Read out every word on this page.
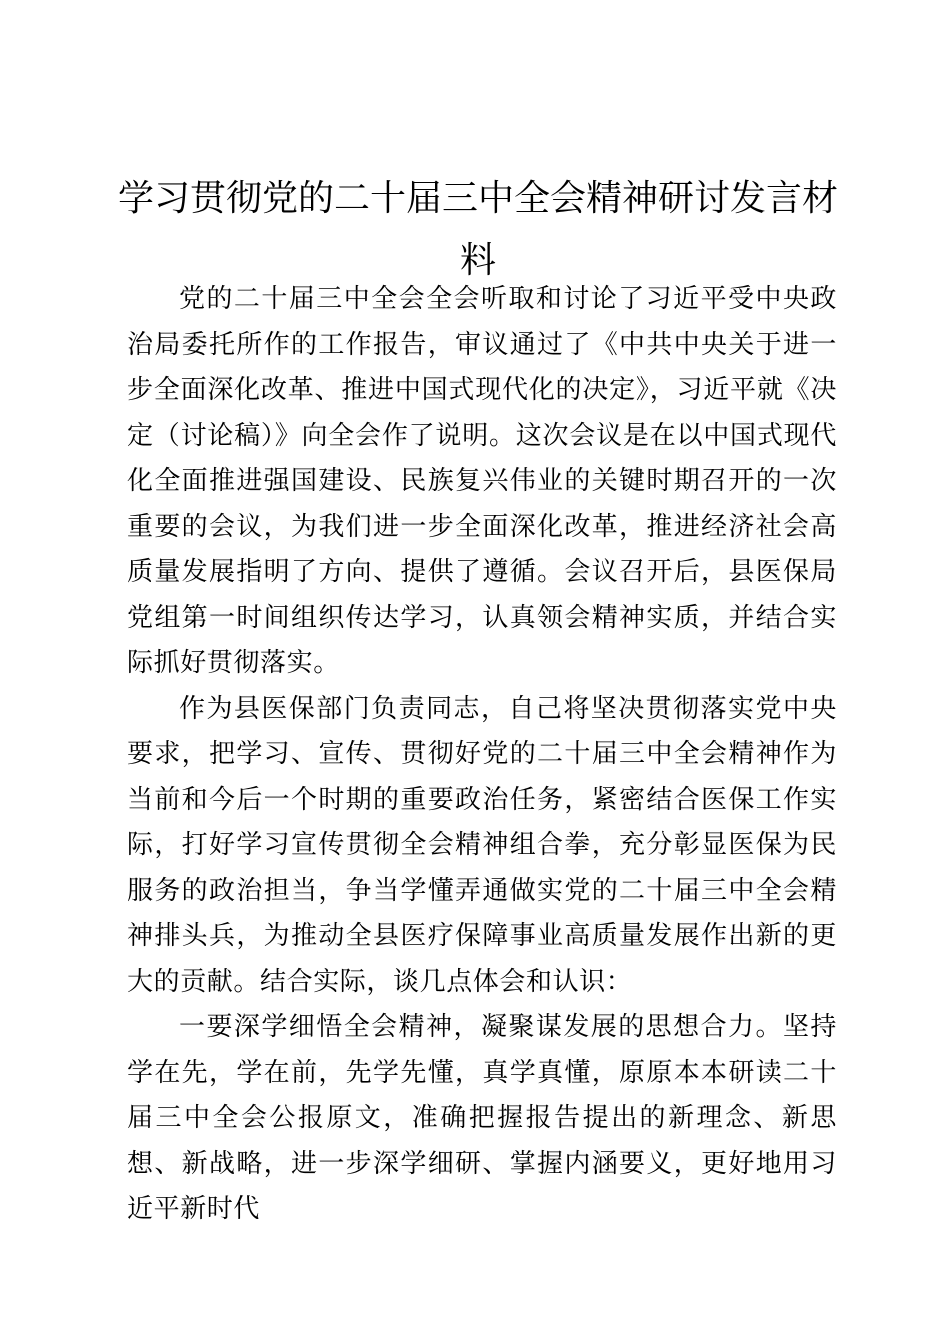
学习贯彻党的二十届三中全会精神研讨发言材料

党的二十届三中全会全会听取和讨论了习近平受中央政治局委托所作的工作报告，审议通过了《中共中央关于进一步全面深化改革、推进中国式现代化的决定》，习近平就《决定（讨论稿）》向全会作了说明。这次会议是在以中国式现代化全面推进强国建设、民族复兴伟业的关键时期召开的一次重要的会议，为我们进一步全面深化改革，推进经济社会高质量发展指明了方向、提供了遵循。会议召开后，县医保局党组第一时间组织传达学习，认真领会精神实质，并结合实际抓好贯彻落实。

作为县医保部门负责同志，自己将坚决贯彻落实党中央要求，把学习、宣传、贯彻好党的二十届三中全会精神作为当前和今后一个时期的重要政治任务，紧密结合医保工作实际，打好学习宣传贯彻全会精神组合拳，充分彰显医保为民服务的政治担当，争当学懂弄通做实党的二十届三中全会精神排头兵，为推动全县医疗保障事业高质量发展作出新的更大的贡献。结合实际，谈几点体会和认识：

一要深学细悟全会精神，凝聚谋发展的思想合力。坚持学在先，学在前，先学先懂，真学真懂，原原本本研读二十届三中全会公报原文，准确把握报告提出的新理念、新思想、新战略，进一步深学细研、掌握内涵要义，更好地用习近平新时代
